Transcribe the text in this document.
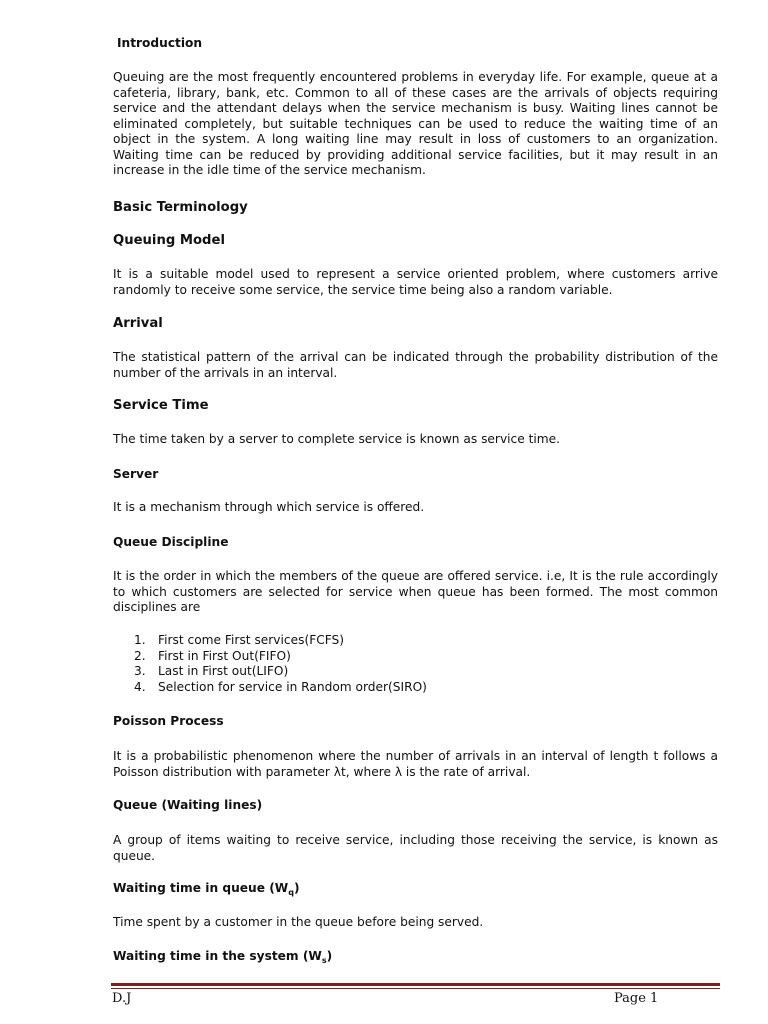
Introduction
Queuing are the most frequently encountered problems in everyday life. For example, queue at a cafeteria, library, bank, etc. Common to all of these cases are the arrivals of objects requiring service and the attendant delays when the service mechanism is busy. Waiting lines cannot be eliminated completely, but suitable techniques can be used to reduce the waiting time of an object in the system. A long waiting line may result in loss of customers to an organization. Waiting time can be reduced by providing additional service facilities, but it may result in an increase in the idle time of the service mechanism.
Basic Terminology
Queuing Model
It is a suitable model used to represent a service oriented problem, where customers arrive randomly to receive some service, the service time being also a random variable.
Arrival
The statistical pattern of the arrival can be indicated through the probability distribution of the number of the arrivals in an interval.
Service Time
The time taken by a server to complete service is known as service time.
Server
It is a mechanism through which service is offered.
Queue Discipline
It is the order in which the members of the queue are offered service. i.e, It is the rule accordingly to which customers are selected for service when queue has been formed. The most common disciplines are
1. First come First services(FCFS)
2. First in First Out(FIFO)
3. Last in First out(LIFO)
4. Selection for service in Random order(SIRO)
Poisson Process
It is a probabilistic phenomenon where the number of arrivals in an interval of length t follows a Poisson distribution with parameter λt, where λ is the rate of arrival.
Queue (Waiting lines)
A group of items waiting to receive service, including those receiving the service, is known as queue.
Waiting time in queue $(W_q)$
Time spent by a customer in the queue before being served.
Waiting time in the system $(W_s)$
D.J	Page 1
